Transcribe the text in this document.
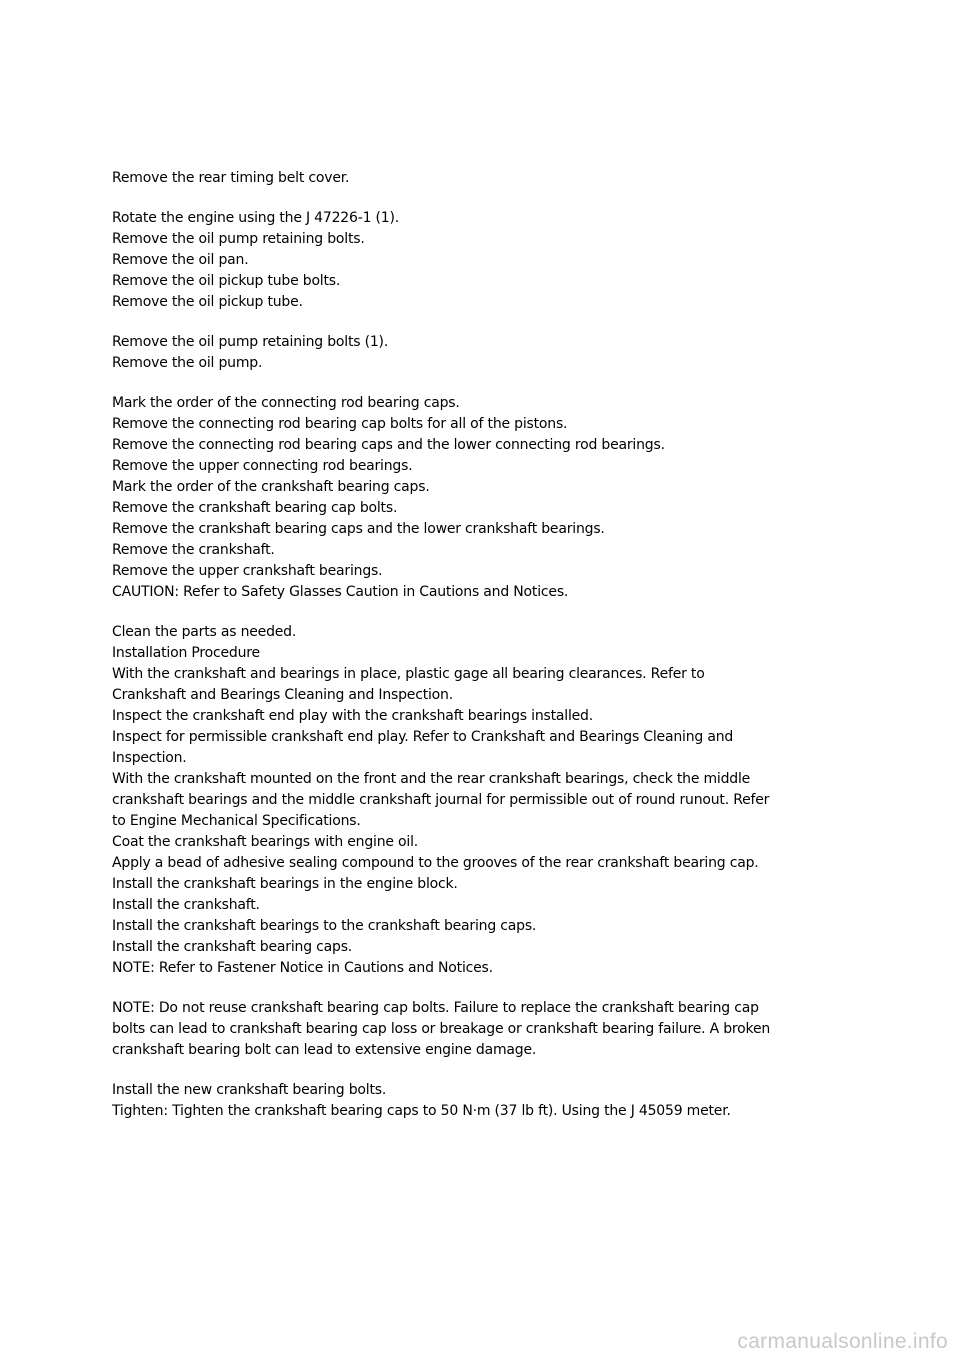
Remove the rear timing belt cover.
Rotate the engine using the J 47226-1 (1).
Remove the oil pump retaining bolts.
Remove the oil pan.
Remove the oil pickup tube bolts.
Remove the oil pickup tube.
Remove the oil pump retaining bolts (1).
Remove the oil pump.
Mark the order of the connecting rod bearing caps.
Remove the connecting rod bearing cap bolts for all of the pistons.
Remove the connecting rod bearing caps and the lower connecting rod bearings.
Remove the upper connecting rod bearings.
Mark the order of the crankshaft bearing caps.
Remove the crankshaft bearing cap bolts.
Remove the crankshaft bearing caps and the lower crankshaft bearings.
Remove the crankshaft.
Remove the upper crankshaft bearings.
CAUTION: Refer to Safety Glasses Caution in Cautions and Notices.
Clean the parts as needed.
Installation Procedure
With the crankshaft and bearings in place, plastic gage all bearing clearances. Refer to
Crankshaft and Bearings Cleaning and Inspection.
Inspect the crankshaft end play with the crankshaft bearings installed.
Inspect for permissible crankshaft end play. Refer to Crankshaft and Bearings Cleaning and
Inspection.
With the crankshaft mounted on the front and the rear crankshaft bearings, check the middle
crankshaft bearings and the middle crankshaft journal for permissible out of round runout. Refer
to Engine Mechanical Specifications.
Coat the crankshaft bearings with engine oil.
Apply a bead of adhesive sealing compound to the grooves of the rear crankshaft bearing cap.
Install the crankshaft bearings in the engine block.
Install the crankshaft.
Install the crankshaft bearings to the crankshaft bearing caps.
Install the crankshaft bearing caps.
NOTE: Refer to Fastener Notice in Cautions and Notices.
NOTE: Do not reuse crankshaft bearing cap bolts. Failure to replace the crankshaft bearing cap
bolts can lead to crankshaft bearing cap loss or breakage or crankshaft bearing failure. A broken
crankshaft bearing bolt can lead to extensive engine damage.
Install the new crankshaft bearing bolts.
Tighten: Tighten the crankshaft bearing caps to 50 N·m (37 lb ft). Using the J 45059 meter.
carmanualsonline.info
